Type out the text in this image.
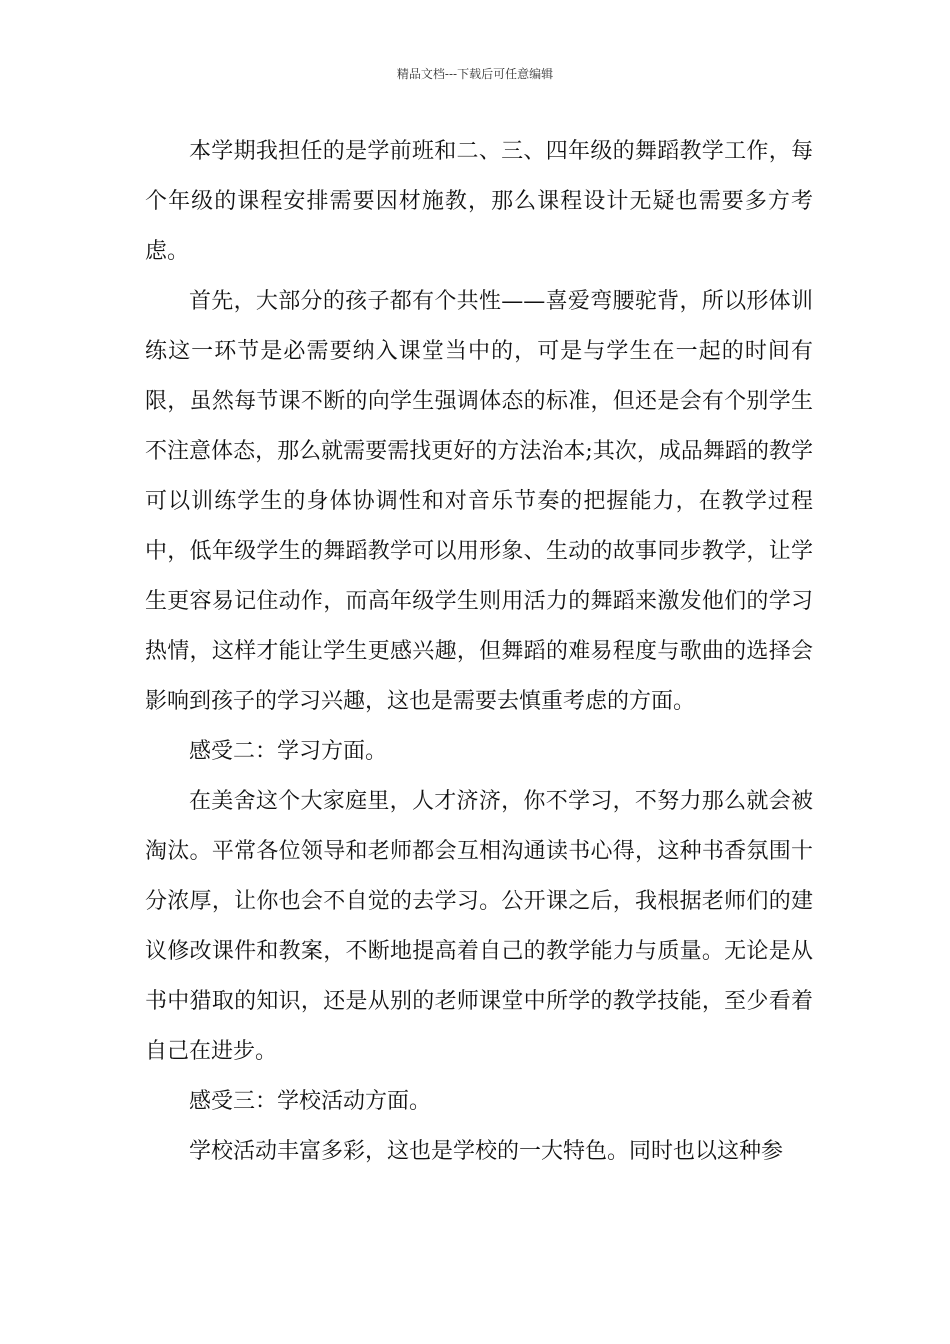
精品文档---下载后可任意编辑

本学期我担任的是学前班和二、三、四年级的舞蹈教学工作，每个年级的课程安排需要因材施教，那么课程设计无疑也需要多方考虑。

首先，大部分的孩子都有个共性——喜爱弯腰驼背，所以形体训练这一环节是必需要纳入课堂当中的，可是与学生在一起的时间有限，虽然每节课不断的向学生强调体态的标准，但还是会有个别学生不注意体态，那么就需要需找更好的方法治本;其次，成品舞蹈的教学可以训练学生的身体协调性和对音乐节奏的把握能力，在教学过程中，低年级学生的舞蹈教学可以用形象、生动的故事同步教学，让学生更容易记住动作，而高年级学生则用活力的舞蹈来激发他们的学习热情，这样才能让学生更感兴趣，但舞蹈的难易程度与歌曲的选择会影响到孩子的学习兴趣，这也是需要去慎重考虑的方面。

感受二：学习方面。

在美舍这个大家庭里，人才济济，你不学习，不努力那么就会被淘汰。平常各位领导和老师都会互相沟通读书心得，这种书香氛围十分浓厚，让你也会不自觉的去学习。公开课之后，我根据老师们的建议修改课件和教案，不断地提高着自己的教学能力与质量。无论是从书中猎取的知识，还是从别的老师课堂中所学的教学技能，至少看着自己在进步。

感受三：学校活动方面。

学校活动丰富多彩，这也是学校的一大特色。同时也以这种参
